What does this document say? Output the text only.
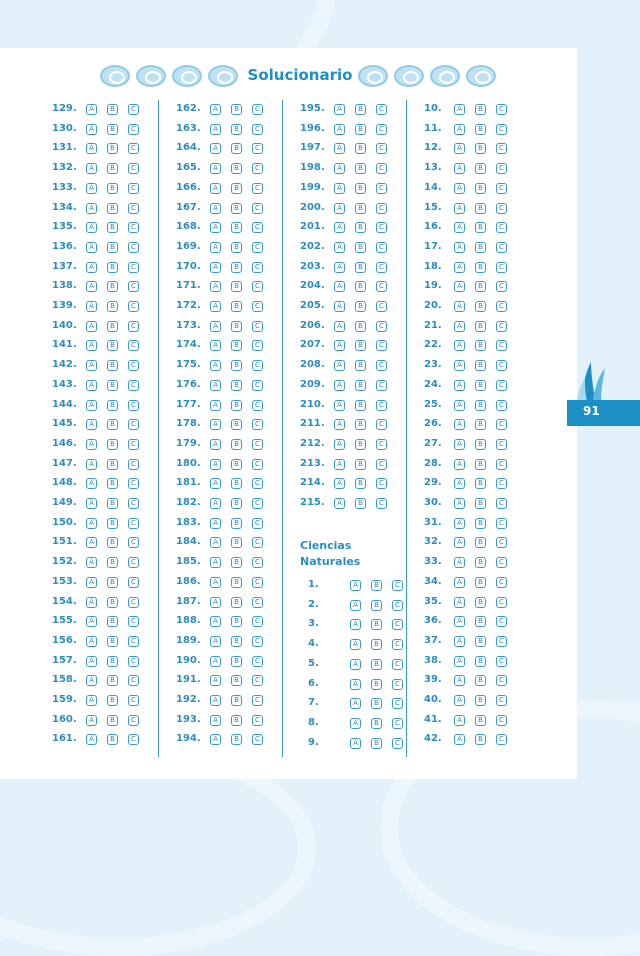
Solucionario
129.	A	B	C
130.	A	B	C
131.	A	B	C
132.	A	B	C
133.	A	B	C
134.	A	B	C
135.	A	B	C
136.	A	B	C
137.	A	B	C
138.	A	B	C
139.	A	B	C
140.	A	B	C
141.	A	B	C
142.	A	B	C
143.	A	B	C
144.	A	B	C
145.	A	B	C
146.	A	B	C
147.	A	B	C
148.	A	B	C
149.	A	B	C
150.	A	B	C
151.	A	B	C
152.	A	B	C
153.	A	B	C
154.	A	B	C
155.	A	B	C
156.	A	B	C
157.	A	B	C
158.	A	B	C
159.	A	B	C
160.	A	B	C
161.	A	B	C
162.	A	B	C
163.	A	B	C
164.	A	B	C
165.	A	B	C
166.	A	B	C
167.	A	B	C
168.	A	B	C
169.	A	B	C
170.	A	B	C
171.	A	B	C
172.	A	B	C
173.	A	B	C
174.	A	B	C
175.	A	B	C
176.	A	B	C
177.	A	B	C
178.	A	B	C
179.	A	B	C
180.	A	B	C
181.	A	B	C
182.	A	B	C
183.	A	B	C
184.	A	B	C
185.	A	B	C
186.	A	B	C
187.	A	B	C
188.	A	B	C
189.	A	B	C
190.	A	B	C
191.	A	B	C
192.	A	B	C
193.	A	B	C
194.	A	B	C
195.	A	B	C
196.	A	B	C
197.	A	B	C
198.	A	B	C
199.	A	B	C
200.	A	B	C
201.	A	B	C
202.	A	B	C
203.	A	B	C
204.	A	B	C
205.	A	B	C
206.	A	B	C
207.	A	B	C
208.	A	B	C
209.	A	B	C
210.	A	B	C
211.	A	B	C
212.	A	B	C
213.	A	B	C
214.	A	B	C
215.	A	B	C
10.	A	B	C
11.	A	B	C
12.	A	B	C
13.	A	B	C
14.	A	B	C
15.	A	B	C
16.	A	B	C
17.	A	B	C
18.	A	B	C
19.	A	B	C
20.	A	B	C
21.	A	B	C
22.	A	B	C
23.	A	B	C
24.	A	B	C
25.	A	B	C
26.	A	B	C
27.	A	B	C
28.	A	B	C
29.	A	B	C
30.	A	B	C
31.	A	B	C
32.	A	B	C
33.	A	B	C
34.	A	B	C
35.	A	B	C
36.	A	B	C
37.	A	B	C
38.	A	B	C
39.	A	B	C
40.	A	B	C
41.	A	B	C
42.	A	B	C
Ciencias
Naturales
1.	A	B	C
2.	A	B	C
3.	A	B	C
4.	A	B	C
5.	A	B	C
6.	A	B	C
7.	A	B	C
8.	A	B	C
9.	A	B	C
91
